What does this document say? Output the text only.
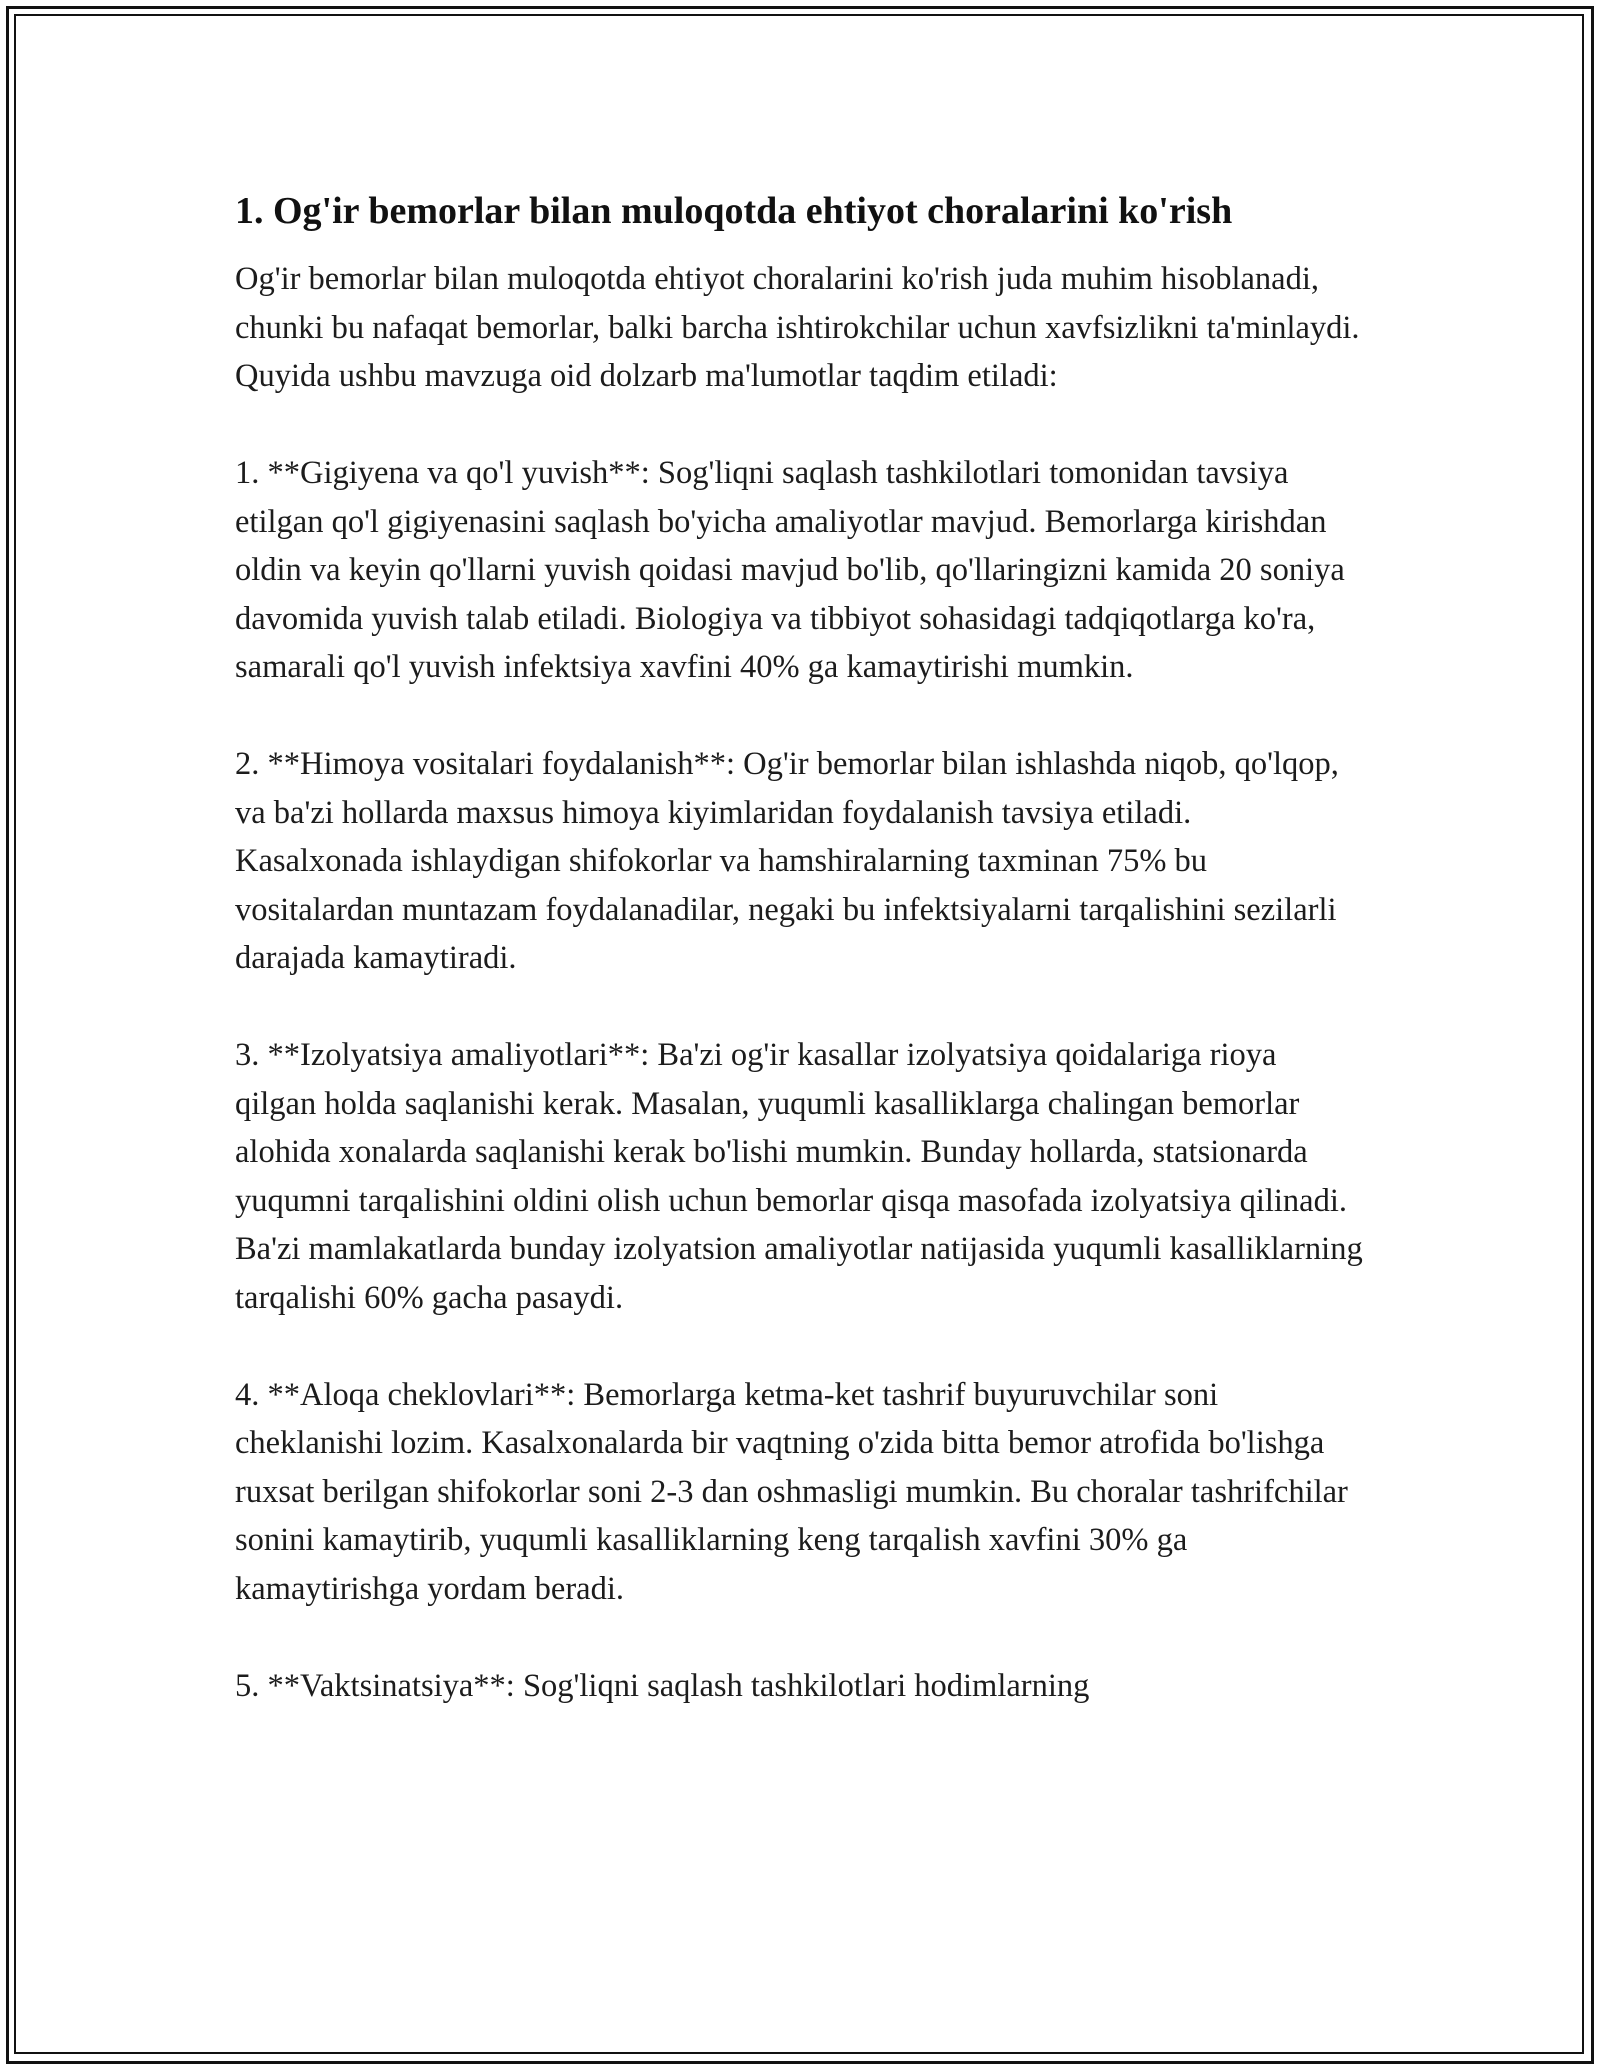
1. Og'ir bemorlar bilan muloqotda ehtiyot choralarini ko'rish

Og'ir bemorlar bilan muloqotda ehtiyot choralarini ko'rish juda muhim hisoblanadi, chunki bu nafaqat bemorlar, balki barcha ishtirokchilar uchun xavfsizlikni ta'minlaydi. Quyida ushbu mavzuga oid dolzarb ma'lumotlar taqdim etiladi:

1. **Gigiyena va qo'l yuvish**: Sog'liqni saqlash tashkilotlari tomonidan tavsiya etilgan qo'l gigiyenasini saqlash bo'yicha amaliyotlar mavjud. Bemorlarga kirishdan oldin va keyin qo'llarni yuvish qoidasi mavjud bo'lib, qo'llaringizni kamida 20 soniya davomida yuvish talab etiladi. Biologiya va tibbiyot sohasidagi tadqiqotlarga ko'ra, samarali qo'l yuvish infektsiya xavfini 40% ga kamaytirishi mumkin.

2. **Himoya vositalari foydalanish**: Og'ir bemorlar bilan ishlashda niqob, qo'lqop, va ba'zi hollarda maxsus himoya kiyimlaridan foydalanish tavsiya etiladi. Kasalxonada ishlaydigan shifokorlar va hamshiralarning taxminan 75% bu vositalardan muntazam foydalanadilar, negaki bu infektsiyalarni tarqalishini sezilarli darajada kamaytiradi.

3. **Izolyatsiya amaliyotlari**: Ba'zi og'ir kasallar izolyatsiya qoidalariga rioya qilgan holda saqlanishi kerak. Masalan, yuqumli kasalliklarga chalingan bemorlar alohida xonalarda saqlanishi kerak bo'lishi mumkin. Bunday hollarda, statsionarda yuqumni tarqalishini oldini olish uchun bemorlar qisqa masofada izolyatsiya qilinadi. Ba'zi mamlakatlarda bunday izolyatsion amaliyotlar natijasida yuqumli kasalliklarning tarqalishi 60% gacha pasaydi.

4. **Aloqa cheklovlari**: Bemorlarga ketma-ket tashrif buyuruvchilar soni cheklanishi lozim. Kasalxonalarda bir vaqtning o'zida bitta bemor atrofida bo'lishga ruxsat berilgan shifokorlar soni 2-3 dan oshmasligi mumkin. Bu choralar tashrifchilar sonini kamaytirib, yuqumli kasalliklarning keng tarqalish xavfini 30% ga kamaytirishga yordam beradi.

5. **Vaktsinatsiya**: Sog'liqni saqlash tashkilotlari hodimlarning
